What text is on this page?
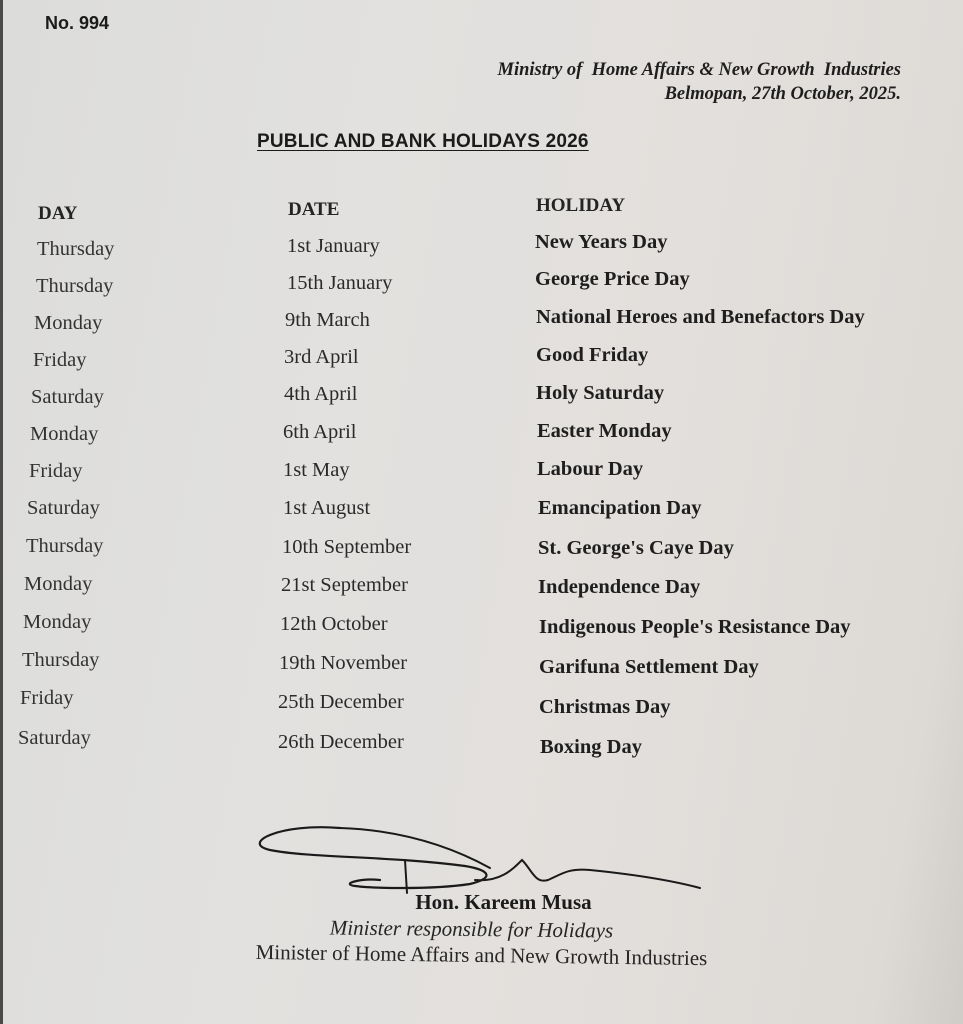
No. 994
Ministry of  Home Affairs & New Growth  Industries
Belmopan, 27th October, 2025.
PUBLIC AND BANK HOLIDAYS 2026
DAY	DATE	HOLIDAY
Thursday	1st January	New Years Day
Thursday	15th January	George Price Day
Monday	9th March	National Heroes and Benefactors Day
Friday	3rd April	Good Friday
Saturday	4th April	Holy Saturday
Monday	6th April	Easter Monday
Friday	1st May	Labour Day
Saturday	1st August	Emancipation Day
Thursday	10th September	St. George's Caye Day
Monday	21st September	Independence Day
Monday	12th October	Indigenous People's Resistance Day
Thursday	19th November	Garifuna Settlement Day
Friday	25th December	Christmas Day
Saturday	26th December	Boxing Day
Hon. Kareem Musa
Minister responsible for Holidays
Minister of Home Affairs and New Growth Industries
